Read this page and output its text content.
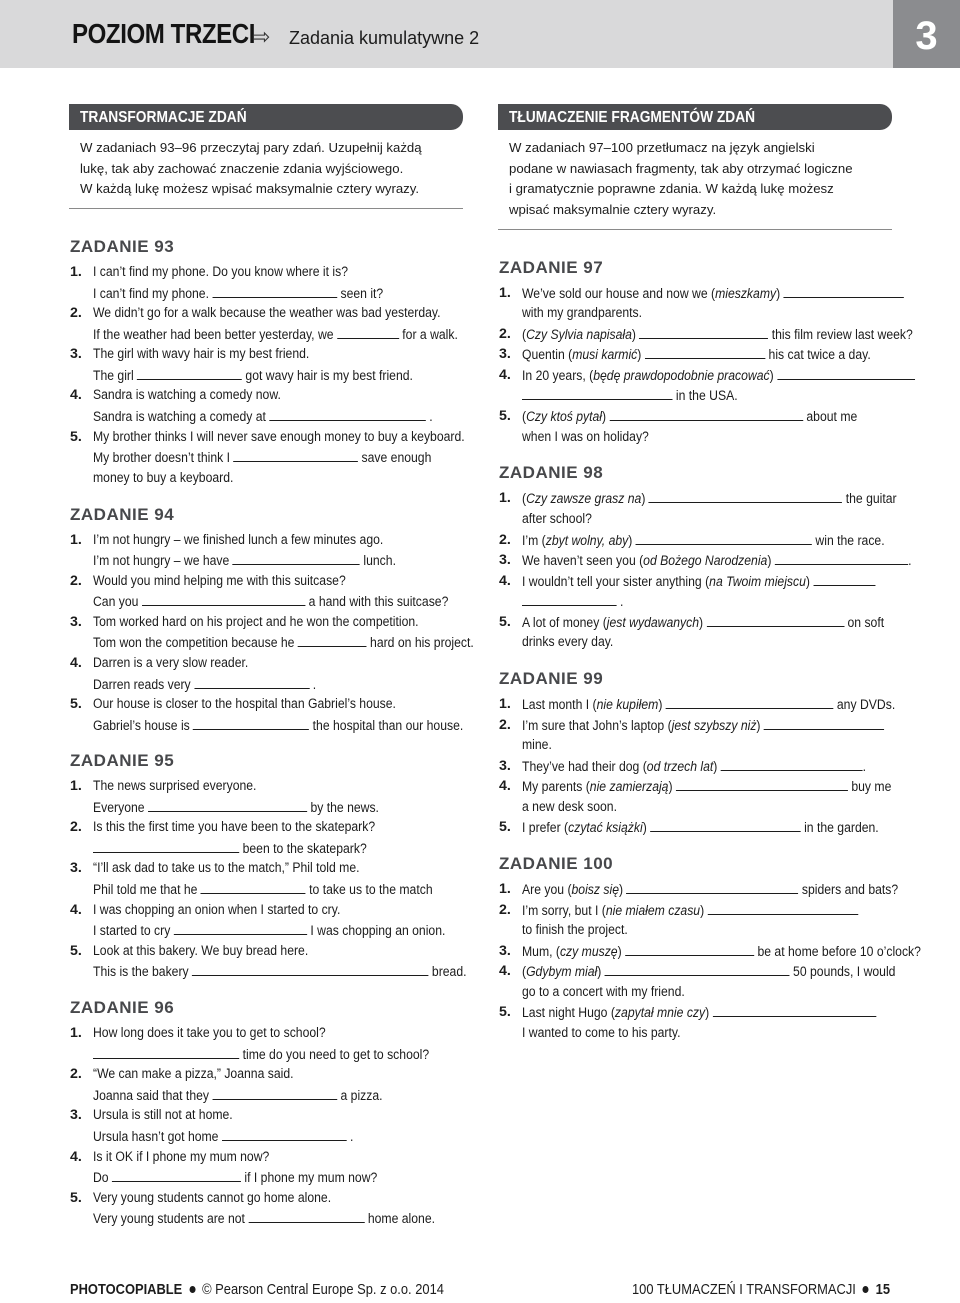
POZIOM TRZECI
⇨ Zadania kumulatywne 2	3
TRANSFORMACJE ZDAŃ
W zadaniach 93–96 przeczytaj pary zdań. Uzupełnij każdą
lukę, tak aby zachować znaczenie zdania wyjściowego.
W każdą lukę możesz wpisać maksymalnie cztery wyrazy.
TŁUMACZENIE FRAGMENTÓW ZDAŃ
W zadaniach 97–100 przetłumacz na język angielski
podane w nawiasach fragmenty, tak aby otrzymać logiczne
i gramatycznie poprawne zdania. W każdą lukę możesz
wpisać maksymalnie cztery wyrazy.
ZADANIE 93
1. I can’t find my phone. Do you know where it is?
I can’t find my phone.	seen it?
2. We didn’t go for a walk because the weather was bad yesterday.
If the weather had been better yesterday, we	for a walk.
3. The girl with wavy hair is my best friend.
The girl	got wavy hair is my best friend.
4. Sandra is watching a comedy now.
Sandra is watching a comedy at	.
5. My brother thinks I will never save enough money to buy a keyboard.
My brother doesn’t think I	save enough
money to buy a keyboard.
ZADANIE 94
1. I’m not hungry – we finished lunch a few minutes ago.
I’m not hungry – we have	lunch.
2. Would you mind helping me with this suitcase?
Can you	a hand with this suitcase?
3. Tom worked hard on his project and he won the competition.
Tom won the competition because he	hard on his project.
4. Darren is a very slow reader.
Darren reads very	.
5. Our house is closer to the hospital than Gabriel’s house.
Gabriel’s house is	the hospital than our house.
ZADANIE 95
1. The news surprised everyone.
Everyone	by the news.
2. Is this the first time you have been to the skatepark?
been to the skatepark?
3. “I’ll ask dad to take us to the match,” Phil told me.
Phil told me that he	to take us to the match
4. I was chopping an onion when I started to cry.
I started to cry	I was chopping an onion.
5. Look at this bakery. We buy bread here.
This is the bakery	bread.
ZADANIE 96
1. How long does it take you to get to school?
time do you need to get to school?
2. “We can make a pizza,” Joanna said.
Joanna said that they	a pizza.
3. Ursula is still not at home.
Ursula hasn’t got home	.
4. Is it OK if I phone my mum now?
Do	if I phone my mum now?
5. Very young students cannot go home alone.
Very young students are not	home alone.
ZADANIE 97
1. We’ve sold our house and now we (mieszkamy)
with my grandparents.
2. (Czy Sylvia napisała)	this film review last week?
3. Quentin (musi karmić)	his cat twice a day.
4. In 20 years, (będę prawdopodobnie pracować)
in the USA.
5. (Czy ktoś pytał)	about me
when I was on holiday?
ZADANIE 98
1. (Czy zawsze grasz na)	the guitar
after school?
2. I’m (zbyt wolny, aby)	win the race.
3. We haven’t seen you (od Bożego Narodzenia)	.
4. I wouldn’t tell your sister anything (na Twoim miejscu)
.
5. A lot of money (jest wydawanych)	on soft
drinks every day.
ZADANIE 99
1. Last month I (nie kupiłem)	any DVDs.
2. I’m sure that John’s laptop (jest szybszy niż)
mine.
3. They’ve had their dog (od trzech lat)	.
4. My parents (nie zamierzają)	buy me
a new desk soon.
5. I prefer (czytać książki)	in the garden.
ZADANIE 100
1. Are you (boisz się)	spiders and bats?
2. I’m sorry, but I (nie miałem czasu)
to finish the project.
3. Mum, (czy muszę)	be at home before 10 o’clock?
4. (Gdybym miał)	50 pounds, I would
go to a concert with my friend.
5. Last night Hugo (zapytał mnie czy)
I wanted to come to his party.
PHOTOCOPIABLE © Pearson Central Europe Sp. z o.o. 2014	100 TŁUMACZEŃ I TRANSFORMACJI 15
